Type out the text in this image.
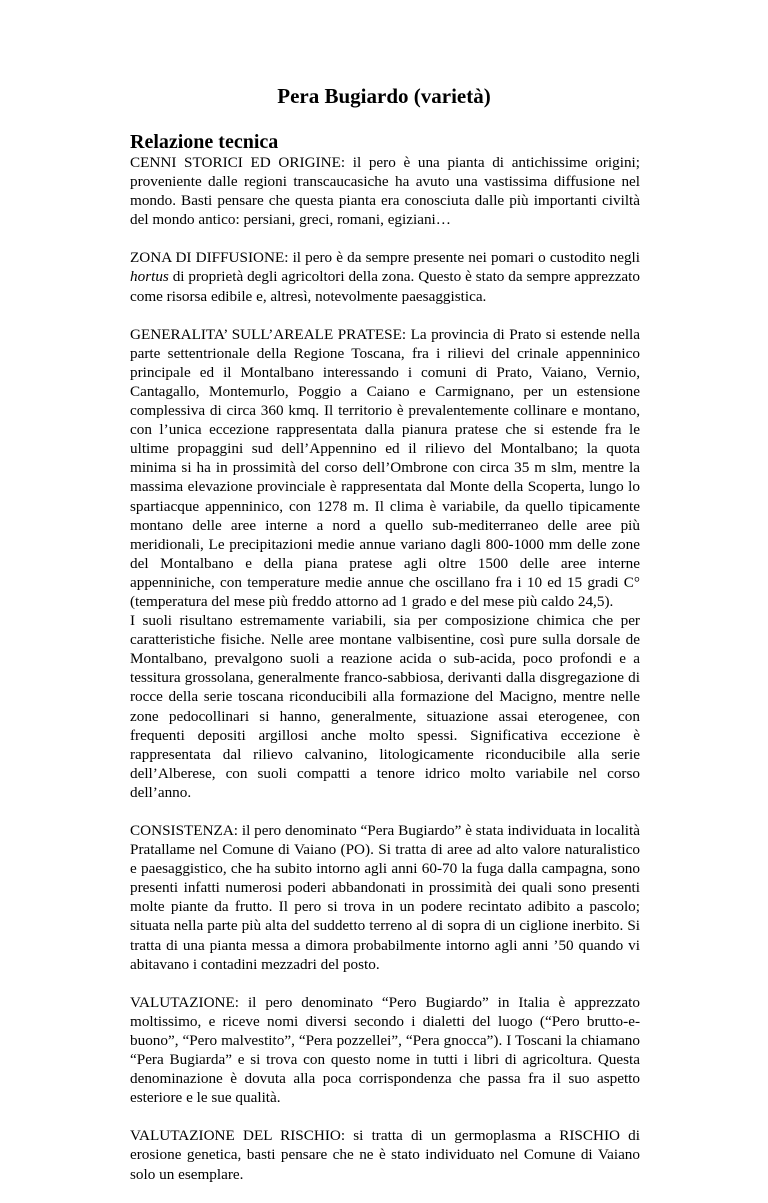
Pera Bugiardo (varietà)
Relazione tecnica

CENNI STORICI ED ORIGINE: il pero è una pianta di antichissime origini; proveniente dalle regioni transcaucasiche ha avuto una vastissima diffusione nel mondo. Basti pensare che questa pianta era conosciuta dalle più importanti civiltà del mondo antico: persiani, greci, romani, egiziani…

ZONA DI DIFFUSIONE: il pero è da sempre presente nei pomari o custodito negli hortus di proprietà degli agricoltori della zona. Questo è stato da sempre apprezzato come risorsa edibile e, altresì, notevolmente paesaggistica.

GENERALITA’ SULL’AREALE PRATESE: La provincia di Prato si estende nella parte settentrionale della Regione Toscana, fra i rilievi del crinale appenninico principale ed il Montalbano interessando i comuni di Prato, Vaiano, Vernio, Cantagallo, Montemurlo, Poggio a Caiano e Carmignano, per un estensione complessiva di circa 360 kmq. Il territorio è prevalentemente collinare e montano, con l’unica eccezione rappresentata dalla pianura pratese che si estende fra le ultime propaggini sud dell’Appennino ed il rilievo del Montalbano; la quota minima si ha in prossimità del corso dell’Ombrone con circa 35 m slm, mentre la massima elevazione provinciale è rappresentata dal Monte della Scoperta, lungo lo spartiacque appenninico, con 1278 m. Il clima è variabile, da quello tipicamente montano delle aree interne a nord a quello sub-mediterraneo delle aree più meridionali, Le precipitazioni medie annue variano dagli 800-1000 mm delle zone del Montalbano e della piana pratese agli oltre 1500 delle aree interne appenniniche, con temperature medie annue che oscillano fra i 10 ed 15 gradi C° (temperatura del mese più freddo attorno ad 1 grado e del mese più caldo 24,5).

I suoli risultano estremamente variabili, sia per composizione chimica che per caratteristiche fisiche. Nelle aree montane valbisentine, così pure sulla dorsale de Montalbano, prevalgono suoli a reazione acida o sub-acida, poco profondi e a tessitura grossolana, generalmente franco-sabbiosa, derivanti dalla disgregazione di rocce della serie toscana riconducibili alla formazione del Macigno, mentre nelle zone pedocollinari si hanno, generalmente, situazione assai eterogenee, con frequenti depositi argillosi anche molto spessi. Significativa eccezione è rappresentata dal rilievo calvanino, litologicamente riconducibile alla serie dell’Alberese, con suoli compatti a tenore idrico molto variabile nel corso dell’anno.

CONSISTENZA: il pero denominato “Pera Bugiardo” è stata individuata in località Pratallame nel Comune di Vaiano (PO). Si tratta di aree ad alto valore naturalistico e paesaggistico, che ha subito intorno agli anni 60-70 la fuga dalla campagna, sono presenti infatti numerosi poderi abbandonati in prossimità dei quali sono presenti molte piante da frutto. Il pero si trova in un podere recintato adibito a pascolo; situata nella parte più alta del suddetto terreno al di sopra di un ciglione inerbito. Si tratta di una pianta messa a dimora probabilmente intorno agli anni ’50 quando vi abitavano i contadini mezzadri del posto.

VALUTAZIONE: il pero denominato “Pero Bugiardo” in Italia è apprezzato moltissimo, e riceve nomi diversi secondo i dialetti del luogo (“Pero brutto-e-buono”, “Pero malvestito”, “Pera pozzellei”, “Pera gnocca”). I Toscani la chiamano “Pera Bugiarda” e si trova con questo nome in tutti i libri di agricoltura. Questa denominazione è dovuta alla poca corrispondenza che passa fra il suo aspetto esteriore e le sue qualità.

VALUTAZIONE DEL RISCHIO: si tratta di un germoplasma a RISCHIO di erosione genetica, basti pensare che ne è stato individuato nel Comune di Vaiano solo un esemplare.
